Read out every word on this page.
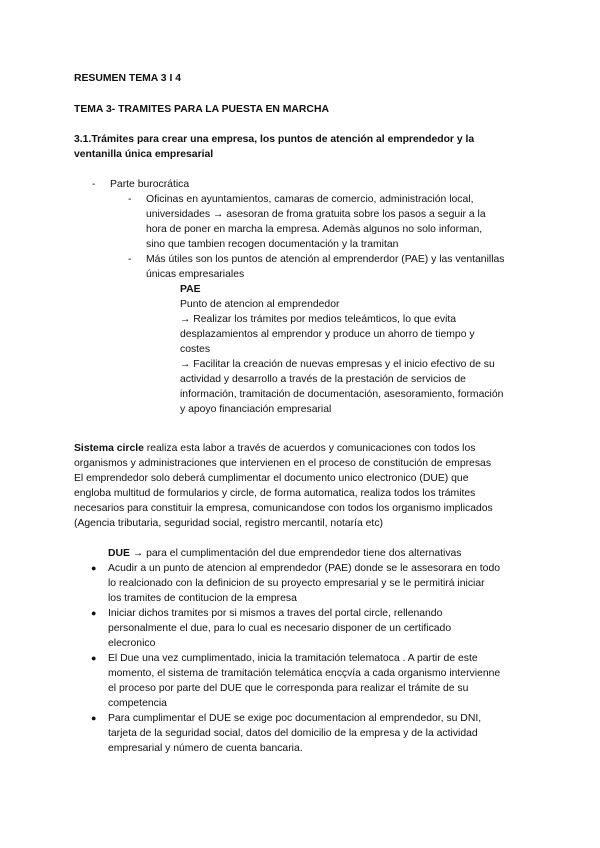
RESUMEN TEMA 3 I 4
TEMA 3- TRAMITES PARA LA PUESTA EN MARCHA
3.1.Trámites para crear una empresa, los puntos de atención al emprendedor y la
ventanilla única empresarial
- Parte burocrática
- Oficinas en ayuntamientos, camaras de comercio, administración local,
universidades → asesoran de froma gratuita sobre los pasos a seguir a la
hora de poner en marcha la empresa. Ademàs algunos no solo informan,
sino que tambien recogen documentación y la tramitan
- Más útiles son los puntos de atención al emprenderdor (PAE) y las ventanillas
únicas empresariales
PAE
Punto de atencion al emprendedor
→ Realizar los trámites por medios teleámticos, lo que evita
desplazamientos al emprendor y produce un ahorro de tiempo y
costes
→ Facilitar la creación de nuevas empresas y el inicio efectivo de su
actividad y desarrollo a través de la prestación de servicios de
información, tramitación de documentación, asesoramiento, formación
y apoyo financiación empresarial
Sistema circle realiza esta labor a través de acuerdos y comunicaciones con todos los
organismos y administraciones que intervienen en el proceso de constitución de empresas
El emprendedor solo deberá cumplimentar el documento unico electronico (DUE) que
engloba multitud de formularios y circle, de forma automatica, realiza todos los trámites
necesarios para constituir la empresa, comunicandose con todos los organismo implicados
(Agencia tributaria, seguridad social, registro mercantil, notaría etc)
DUE → para el cumplimentación del due emprendedor tiene dos alternativas
● Acudir a un punto de atencion al emprendedor (PAE) donde se le assesorara en todo
lo realcionado con la definicion de su proyecto empresarial y se le permitirá iniciar
los tramites de contitucion de la empresa
● Iniciar dichos tramites por si mismos a traves del portal circle, rellenando
personalmente el due, para lo cual es necesario disponer de un certificado
elecronico
● El Due una vez cumplimentado, inicia la tramitación telematoca . A partir de este
momento, el sistema de tramitación telemática encçvía a cada organismo intervienne
el proceso por parte del DUE que le corresponda para realizar el trámite de su
competencia
● Para cumplimentar el DUE se exige poc documentacion al emprendedor, su DNI,
tarjeta de la seguridad social, datos del domicilio de la empresa y de la actividad
empresarial y número de cuenta bancaria.
